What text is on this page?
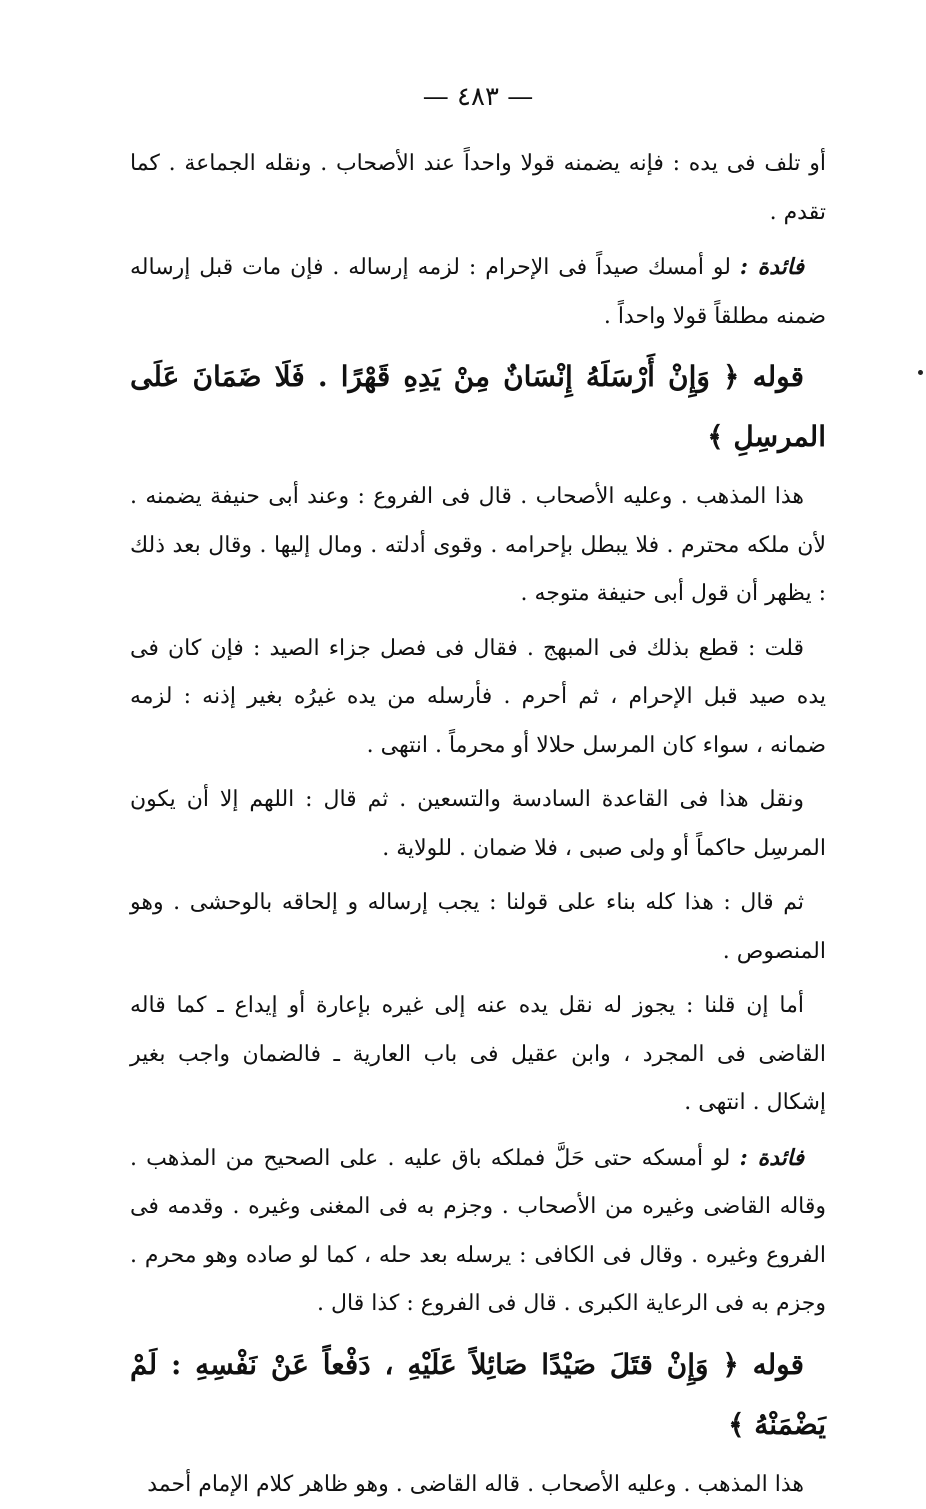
— ٤٨٣ —

أو تلف فى يده : فإنه يضمنه قولا واحداً عند الأصحاب . ونقله الجماعة . كما تقدم .

فائدة : لو أمسك صيداً فى الإحرام : لزمه إرساله . فإن مات قبل إرساله ضمنه مطلقاً قولا واحداً .

قوله ﴿ وَإِنْ أَرْسَلَهُ إِنْسَانٌ مِنْ يَدِهِ قَهْرًا . فَلَا ضَمَانَ عَلَى المرسِلِ ﴾

هذا المذهب . وعليه الأصحاب . قال فى الفروع : وعند أبى حنيفة يضمنه . لأن ملكه محترم . فلا يبطل بإحرامه . وقوى أدلته . ومال إليها . وقال بعد ذلك : يظهر أن قول أبى حنيفة متوجه .

قلت : قطع بذلك فى المبهج . فقال فى فصل جزاء الصيد : فإن كان فى يده صيد قبل الإحرام ، ثم أحرم . فأرسله من يده غيرُه بغير إذنه : لزمه ضمانه ، سواء كان المرسل حلالا أو محرماً . انتهى .

ونقل هذا فى القاعدة السادسة والتسعين . ثم قال : اللهم إلا أن يكون المرسِل حاكماً أو ولى صبى ، فلا ضمان . للولاية .

ثم قال : هذا كله بناء على قولنا : يجب إرساله و إلحاقه بالوحشى . وهو المنصوص .

أما إن قلنا : يجوز له نقل يده عنه إلى غيره بإعارة أو إيداع ـ كما قاله القاضى فى المجرد ، وابن عقيل فى باب العارية ـ فالضمان واجب بغير إشكال . انتهى .

فائدة : لو أمسكه حتى حَلَّ فملكه باق عليه . على الصحيح من المذهب . وقاله القاضى وغيره من الأصحاب . وجزم به فى المغنى وغيره . وقدمه فى الفروع وغيره . وقال فى الكافى : يرسله بعد حله ، كما لو صاده وهو محرم . وجزم به فى الرعاية الكبرى . قال فى الفروع : كذا قال .

قوله ﴿ وَإِنْ قتَلَ صَيْدًا صَائِلاً عَلَيْهِ ، دَفْعاً عَنْ نَفْسِهِ : لَمْ يَضْمَنْهُ ﴾

هذا المذهب . وعليه الأصحاب . قاله القاضى . وهو ظاهر كلام الإمام أحمد
